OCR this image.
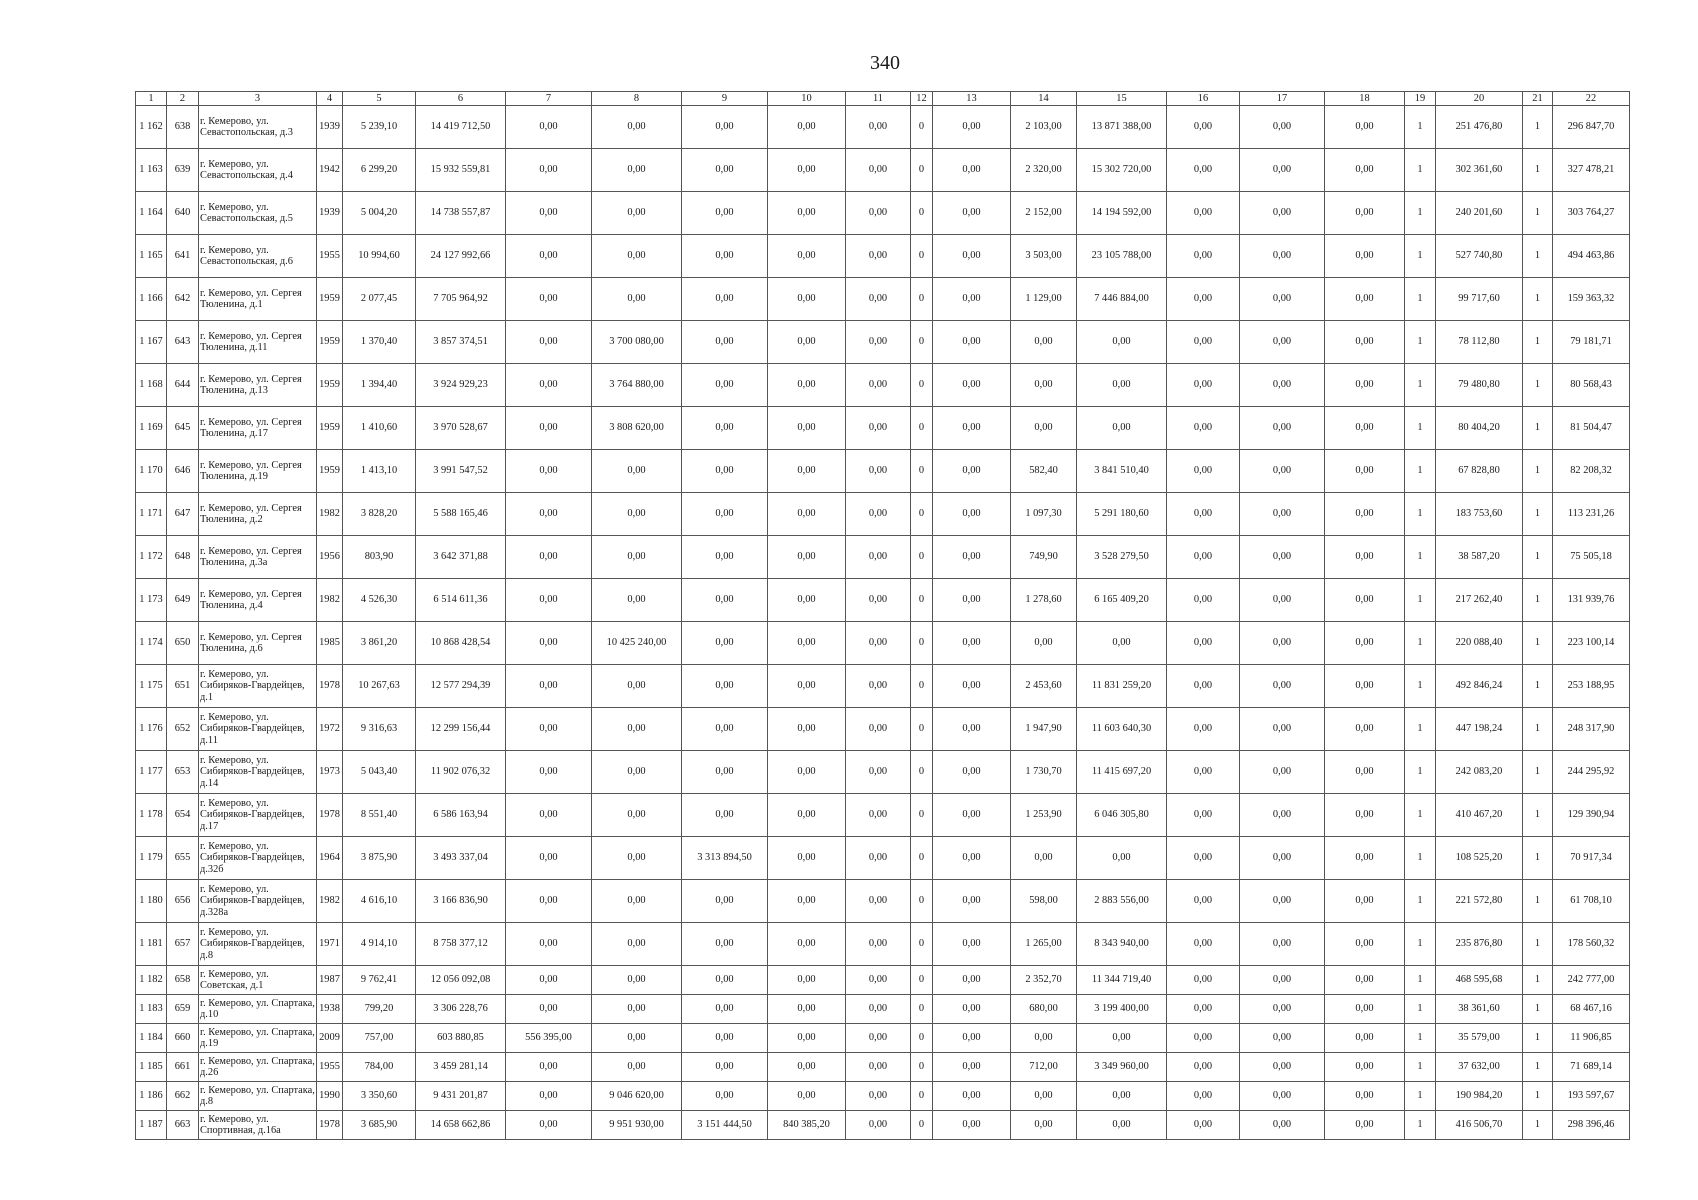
340
1	2	3	4	5	6	7	8	9	10	11	12	13	14	15	16	17	18	19	20	21	22
1 162	638	г. Кемерово, ул. Севастопольская, д.3	1939	5 239,10	14 419 712,50	0,00	0,00	0,00	0,00	0,00	0	0,00	2 103,00	13 871 388,00	0,00	0,00	0,00	1	251 476,80	1	296 847,70
1 163	639	г. Кемерово, ул. Севастопольская, д.4	1942	6 299,20	15 932 559,81	0,00	0,00	0,00	0,00	0,00	0	0,00	2 320,00	15 302 720,00	0,00	0,00	0,00	1	302 361,60	1	327 478,21
1 164	640	г. Кемерово, ул. Севастопольская, д.5	1939	5 004,20	14 738 557,87	0,00	0,00	0,00	0,00	0,00	0	0,00	2 152,00	14 194 592,00	0,00	0,00	0,00	1	240 201,60	1	303 764,27
1 165	641	г. Кемерово, ул. Севастопольская, д.6	1955	10 994,60	24 127 992,66	0,00	0,00	0,00	0,00	0,00	0	0,00	3 503,00	23 105 788,00	0,00	0,00	0,00	1	527 740,80	1	494 463,86
1 166	642	г. Кемерово, ул. Сергея Тюленина, д.1	1959	2 077,45	7 705 964,92	0,00	0,00	0,00	0,00	0,00	0	0,00	1 129,00	7 446 884,00	0,00	0,00	0,00	1	99 717,60	1	159 363,32
1 167	643	г. Кемерово, ул. Сергея Тюленина, д.11	1959	1 370,40	3 857 374,51	0,00	3 700 080,00	0,00	0,00	0,00	0	0,00	0,00	0,00	0,00	0,00	0,00	1	78 112,80	1	79 181,71
1 168	644	г. Кемерово, ул. Сергея Тюленина, д.13	1959	1 394,40	3 924 929,23	0,00	3 764 880,00	0,00	0,00	0,00	0	0,00	0,00	0,00	0,00	0,00	0,00	1	79 480,80	1	80 568,43
1 169	645	г. Кемерово, ул. Сергея Тюленина, д.17	1959	1 410,60	3 970 528,67	0,00	3 808 620,00	0,00	0,00	0,00	0	0,00	0,00	0,00	0,00	0,00	0,00	1	80 404,20	1	81 504,47
1 170	646	г. Кемерово, ул. Сергея Тюленина, д.19	1959	1 413,10	3 991 547,52	0,00	0,00	0,00	0,00	0,00	0	0,00	582,40	3 841 510,40	0,00	0,00	0,00	1	67 828,80	1	82 208,32
1 171	647	г. Кемерово, ул. Сергея Тюленина, д.2	1982	3 828,20	5 588 165,46	0,00	0,00	0,00	0,00	0,00	0	0,00	1 097,30	5 291 180,60	0,00	0,00	0,00	1	183 753,60	1	113 231,26
1 172	648	г. Кемерово, ул. Сергея Тюленина, д.3а	1956	803,90	3 642 371,88	0,00	0,00	0,00	0,00	0,00	0	0,00	749,90	3 528 279,50	0,00	0,00	0,00	1	38 587,20	1	75 505,18
1 173	649	г. Кемерово, ул. Сергея Тюленина, д.4	1982	4 526,30	6 514 611,36	0,00	0,00	0,00	0,00	0,00	0	0,00	1 278,60	6 165 409,20	0,00	0,00	0,00	1	217 262,40	1	131 939,76
1 174	650	г. Кемерово, ул. Сергея Тюленина, д.6	1985	3 861,20	10 868 428,54	0,00	10 425 240,00	0,00	0,00	0,00	0	0,00	0,00	0,00	0,00	0,00	0,00	1	220 088,40	1	223 100,14
1 175	651	г. Кемерово, ул. Сибиряков-Гвардейцев, д.1	1978	10 267,63	12 577 294,39	0,00	0,00	0,00	0,00	0,00	0	0,00	2 453,60	11 831 259,20	0,00	0,00	0,00	1	492 846,24	1	253 188,95
1 176	652	г. Кемерово, ул. Сибиряков-Гвардейцев, д.11	1972	9 316,63	12 299 156,44	0,00	0,00	0,00	0,00	0,00	0	0,00	1 947,90	11 603 640,30	0,00	0,00	0,00	1	447 198,24	1	248 317,90
1 177	653	г. Кемерово, ул. Сибиряков-Гвардейцев, д.14	1973	5 043,40	11 902 076,32	0,00	0,00	0,00	0,00	0,00	0	0,00	1 730,70	11 415 697,20	0,00	0,00	0,00	1	242 083,20	1	244 295,92
1 178	654	г. Кемерово, ул. Сибиряков-Гвардейцев, д.17	1978	8 551,40	6 586 163,94	0,00	0,00	0,00	0,00	0,00	0	0,00	1 253,90	6 046 305,80	0,00	0,00	0,00	1	410 467,20	1	129 390,94
1 179	655	г. Кемерово, ул. Сибиряков-Гвардейцев, д.32б	1964	3 875,90	3 493 337,04	0,00	0,00	3 313 894,50	0,00	0,00	0	0,00	0,00	0,00	0,00	0,00	0,00	1	108 525,20	1	70 917,34
1 180	656	г. Кемерово, ул. Сибиряков-Гвардейцев, д.328а	1982	4 616,10	3 166 836,90	0,00	0,00	0,00	0,00	0,00	0	0,00	598,00	2 883 556,00	0,00	0,00	0,00	1	221 572,80	1	61 708,10
1 181	657	г. Кемерово, ул. Сибиряков-Гвардейцев, д.8	1971	4 914,10	8 758 377,12	0,00	0,00	0,00	0,00	0,00	0	0,00	1 265,00	8 343 940,00	0,00	0,00	0,00	1	235 876,80	1	178 560,32
1 182	658	г. Кемерово, ул. Советская, д.1	1987	9 762,41	12 056 092,08	0,00	0,00	0,00	0,00	0,00	0	0,00	2 352,70	11 344 719,40	0,00	0,00	0,00	1	468 595,68	1	242 777,00
1 183	659	г. Кемерово, ул. Спартака, д.10	1938	799,20	3 306 228,76	0,00	0,00	0,00	0,00	0,00	0	0,00	680,00	3 199 400,00	0,00	0,00	0,00	1	38 361,60	1	68 467,16
1 184	660	г. Кемерово, ул. Спартака, д.19	2009	757,00	603 880,85	556 395,00	0,00	0,00	0,00	0,00	0	0,00	0,00	0,00	0,00	0,00	0,00	1	35 579,00	1	11 906,85
1 185	661	г. Кемерово, ул. Спартака, д.26	1955	784,00	3 459 281,14	0,00	0,00	0,00	0,00	0,00	0	0,00	712,00	3 349 960,00	0,00	0,00	0,00	1	37 632,00	1	71 689,14
1 186	662	г. Кемерово, ул. Спартака, д.8	1990	3 350,60	9 431 201,87	0,00	9 046 620,00	0,00	0,00	0,00	0	0,00	0,00	0,00	0,00	0,00	0,00	1	190 984,20	1	193 597,67
1 187	663	г. Кемерово, ул. Спортивная, д.16а	1978	3 685,90	14 658 662,86	0,00	9 951 930,00	3 151 444,50	840 385,20	0,00	0	0,00	0,00	0,00	0,00	0,00	0,00	1	416 506,70	1	298 396,46
